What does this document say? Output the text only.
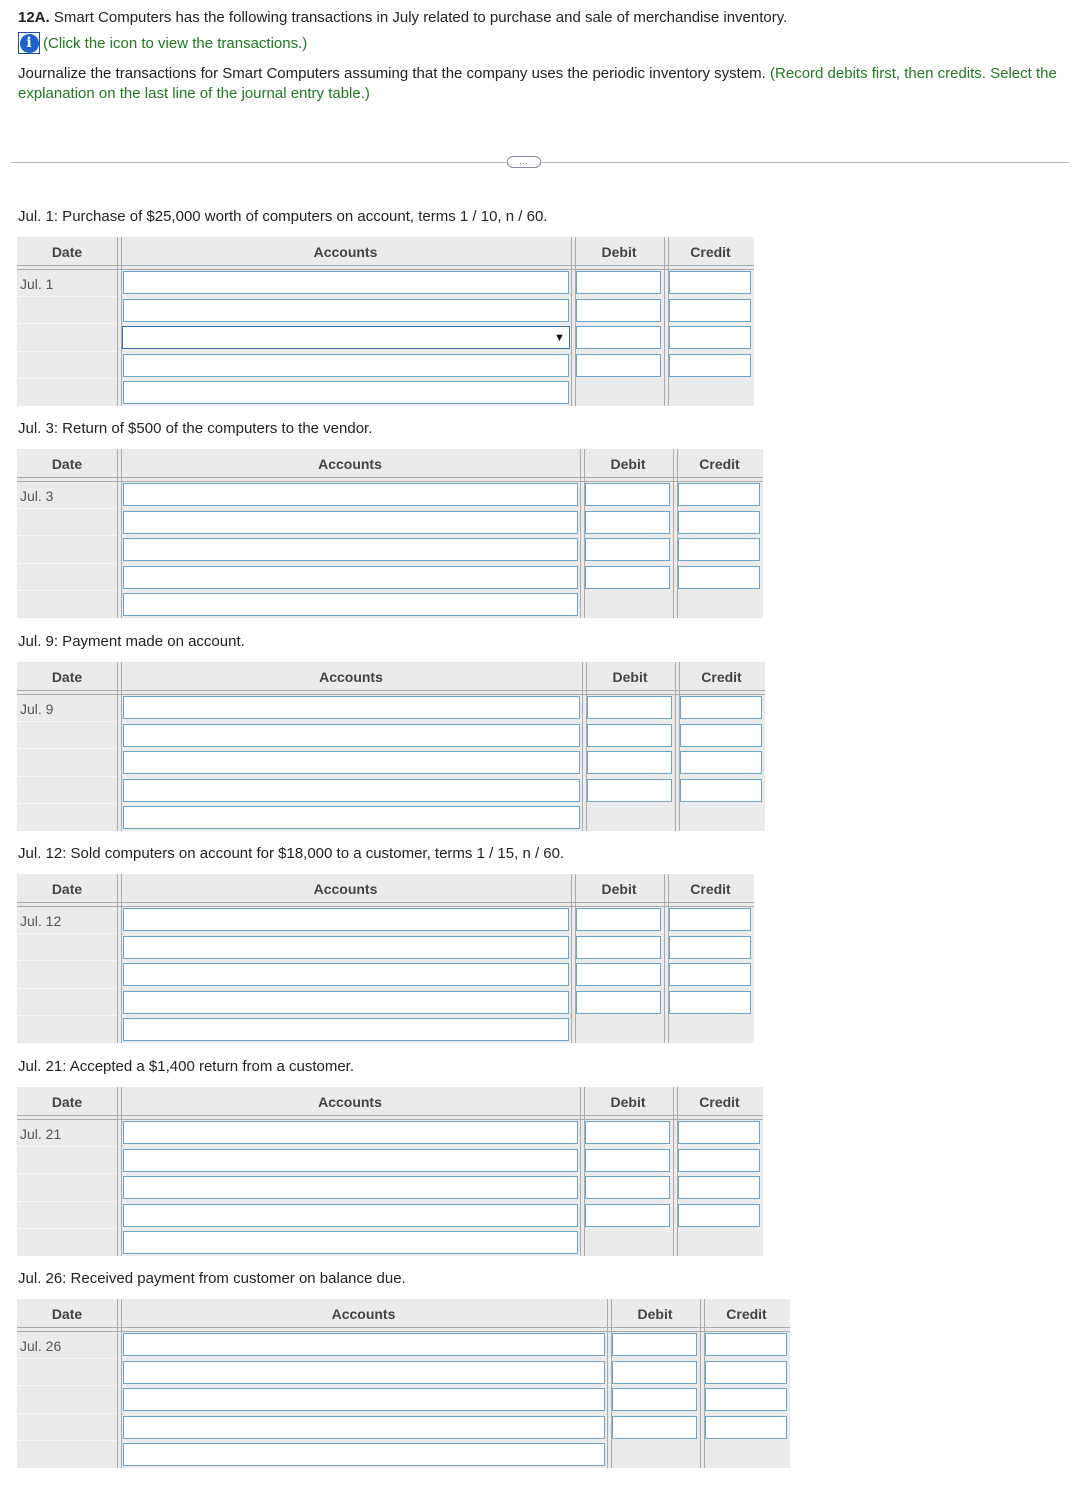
12A. Smart Computers has the following transactions in July related to purchase and sale of merchandise inventory.
i (Click the icon to view the transactions.)
Journalize the transactions for Smart Computers assuming that the company uses the periodic inventory system. (Record debits first, then credits. Select the explanation on the last line of the journal entry table.)
…
Jul. 1: Purchase of $25,000 worth of computers on account, terms 1 / 10, n / 60.
Date	Accounts	Debit	Credit
Jul. 1
▼
Jul. 3: Return of $500 of the computers to the vendor.
Date	Accounts	Debit	Credit
Jul. 3
Jul. 9: Payment made on account.
Date	Accounts	Debit	Credit
Jul. 9
Jul. 12: Sold computers on account for $18,000 to a customer, terms 1 / 15, n / 60.
Date	Accounts	Debit	Credit
Jul. 12
Jul. 21: Accepted a $1,400 return from a customer.
Date	Accounts	Debit	Credit
Jul. 21
Jul. 26: Received payment from customer on balance due.
Date	Accounts	Debit	Credit
Jul. 26
